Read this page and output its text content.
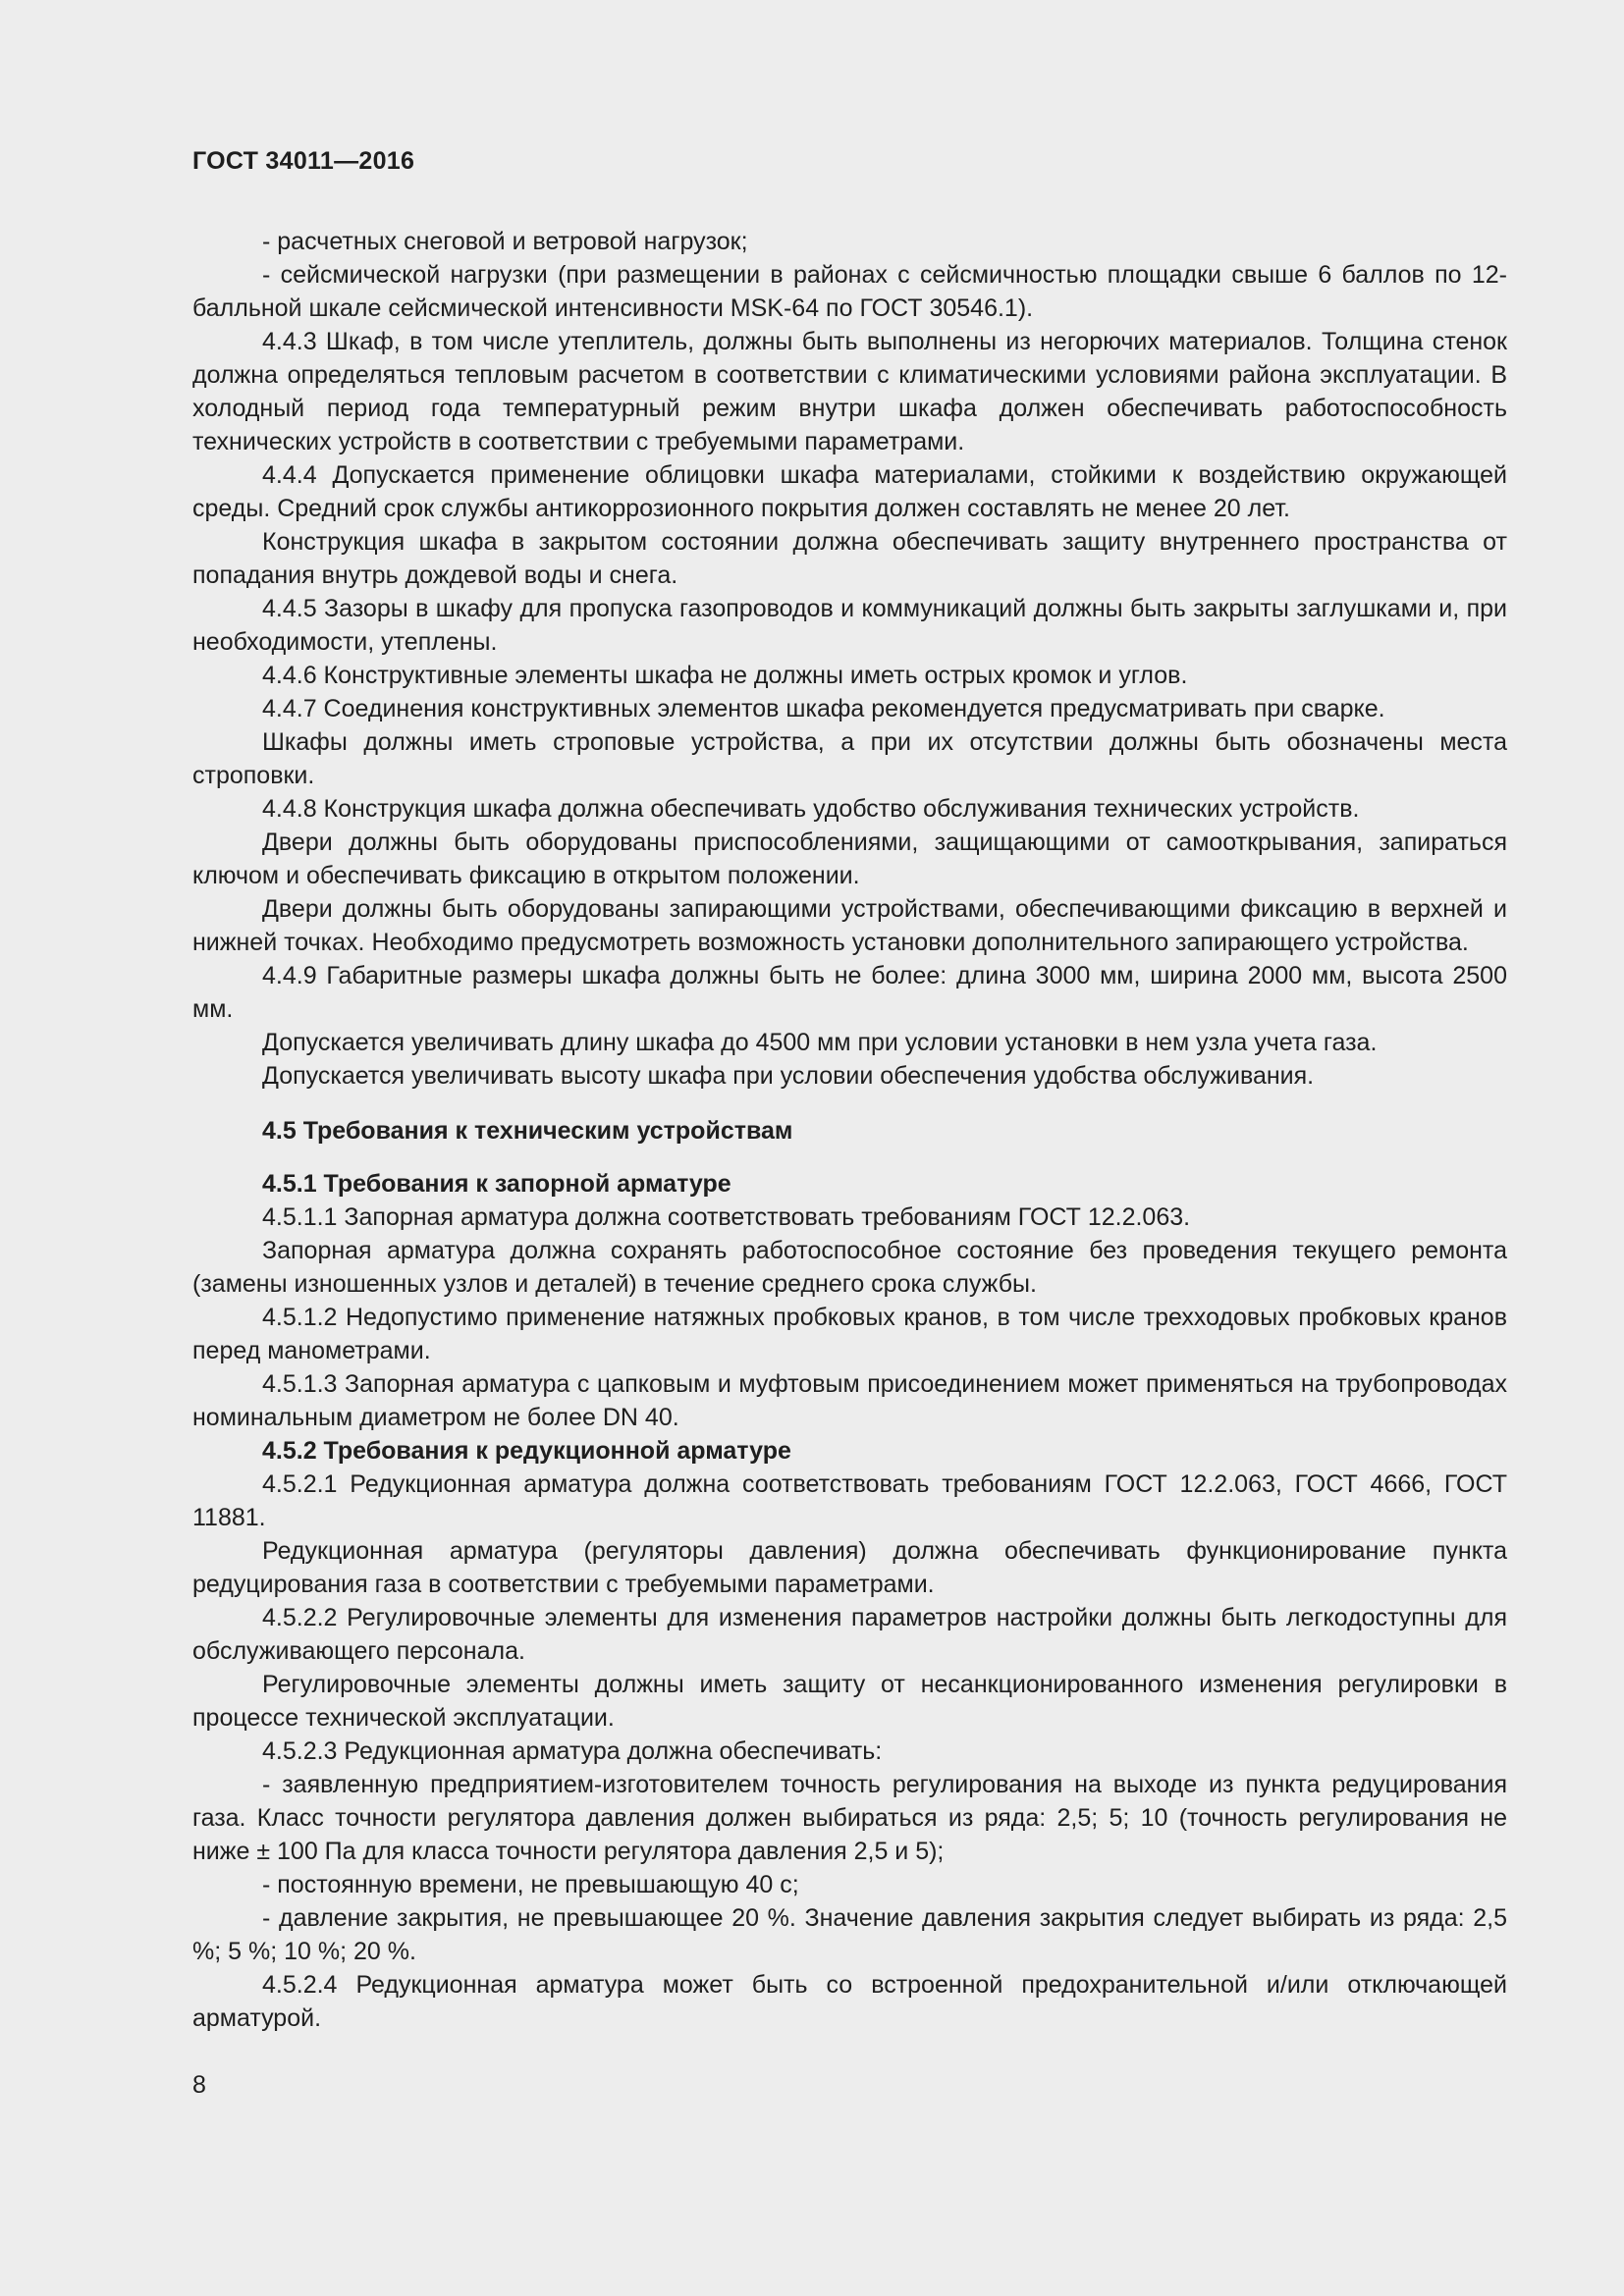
ГОСТ 34011—2016

- расчетных снеговой и ветровой нагрузок;

- сейсмической нагрузки (при размещении в районах с сейсмичностью площадки свыше 6 баллов по 12-балльной шкале сейсмической интенсивности MSK-64 по ГОСТ 30546.1).

4.4.3 Шкаф, в том числе утеплитель, должны быть выполнены из негорючих материалов. Толщина стенок должна определяться тепловым расчетом в соответствии с климатическими условиями района эксплуатации. В холодный период года температурный режим внутри шкафа должен обеспечивать работоспособность технических устройств в соответствии с требуемыми параметрами.

4.4.4 Допускается применение облицовки шкафа материалами, стойкими к воздействию окружающей среды. Средний срок службы антикоррозионного покрытия должен составлять не менее 20 лет.

Конструкция шкафа в закрытом состоянии должна обеспечивать защиту внутреннего пространства от попадания внутрь дождевой воды и снега.

4.4.5 Зазоры в шкафу для пропуска газопроводов и коммуникаций должны быть закрыты заглушками и, при необходимости, утеплены.

4.4.6 Конструктивные элементы шкафа не должны иметь острых кромок и углов.

4.4.7 Соединения конструктивных элементов шкафа рекомендуется предусматривать при сварке.

Шкафы должны иметь строповые устройства, а при их отсутствии должны быть обозначены места строповки.

4.4.8 Конструкция шкафа должна обеспечивать удобство обслуживания технических устройств.

Двери должны быть оборудованы приспособлениями, защищающими от самооткрывания, запираться ключом и обеспечивать фиксацию в открытом положении.

Двери должны быть оборудованы запирающими устройствами, обеспечивающими фиксацию в верхней и нижней точках. Необходимо предусмотреть возможность установки дополнительного запирающего устройства.

4.4.9 Габаритные размеры шкафа должны быть не более: длина 3000 мм, ширина 2000 мм, высота 2500 мм.

Допускается увеличивать длину шкафа до 4500 мм при условии установки в нем узла учета газа.

Допускается увеличивать высоту шкафа при условии обеспечения удобства обслуживания.

4.5 Требования к техническим устройствам

4.5.1 Требования к запорной арматуре

4.5.1.1 Запорная арматура должна соответствовать требованиям ГОСТ 12.2.063.

Запорная арматура должна сохранять работоспособное состояние без проведения текущего ремонта (замены изношенных узлов и деталей) в течение среднего срока службы.

4.5.1.2 Недопустимо применение натяжных пробковых кранов, в том числе трехходовых пробковых кранов перед манометрами.

4.5.1.3 Запорная арматура с цапковым и муфтовым присоединением может применяться на трубопроводах номинальным диаметром не более DN 40.

4.5.2 Требования к редукционной арматуре

4.5.2.1 Редукционная арматура должна соответствовать требованиям ГОСТ 12.2.063, ГОСТ 4666, ГОСТ 11881.

Редукционная арматура (регуляторы давления) должна обеспечивать функционирование пункта редуцирования газа в соответствии с требуемыми параметрами.

4.5.2.2 Регулировочные элементы для изменения параметров настройки должны быть легкодоступны для обслуживающего персонала.

Регулировочные элементы должны иметь защиту от несанкционированного изменения регулировки в процессе технической эксплуатации.

4.5.2.3 Редукционная арматура должна обеспечивать:

- заявленную предприятием-изготовителем точность регулирования на выходе из пункта редуцирования газа. Класс точности регулятора давления должен выбираться из ряда: 2,5; 5; 10 (точность регулирования не ниже ± 100 Па для класса точности регулятора давления 2,5 и 5);

- постоянную времени, не превышающую 40 с;

- давление закрытия, не превышающее 20 %. Значение давления закрытия следует выбирать из ряда: 2,5 %; 5 %; 10 %; 20 %.

4.5.2.4 Редукционная арматура может быть со встроенной предохранительной и/или отключающей арматурой.

8
